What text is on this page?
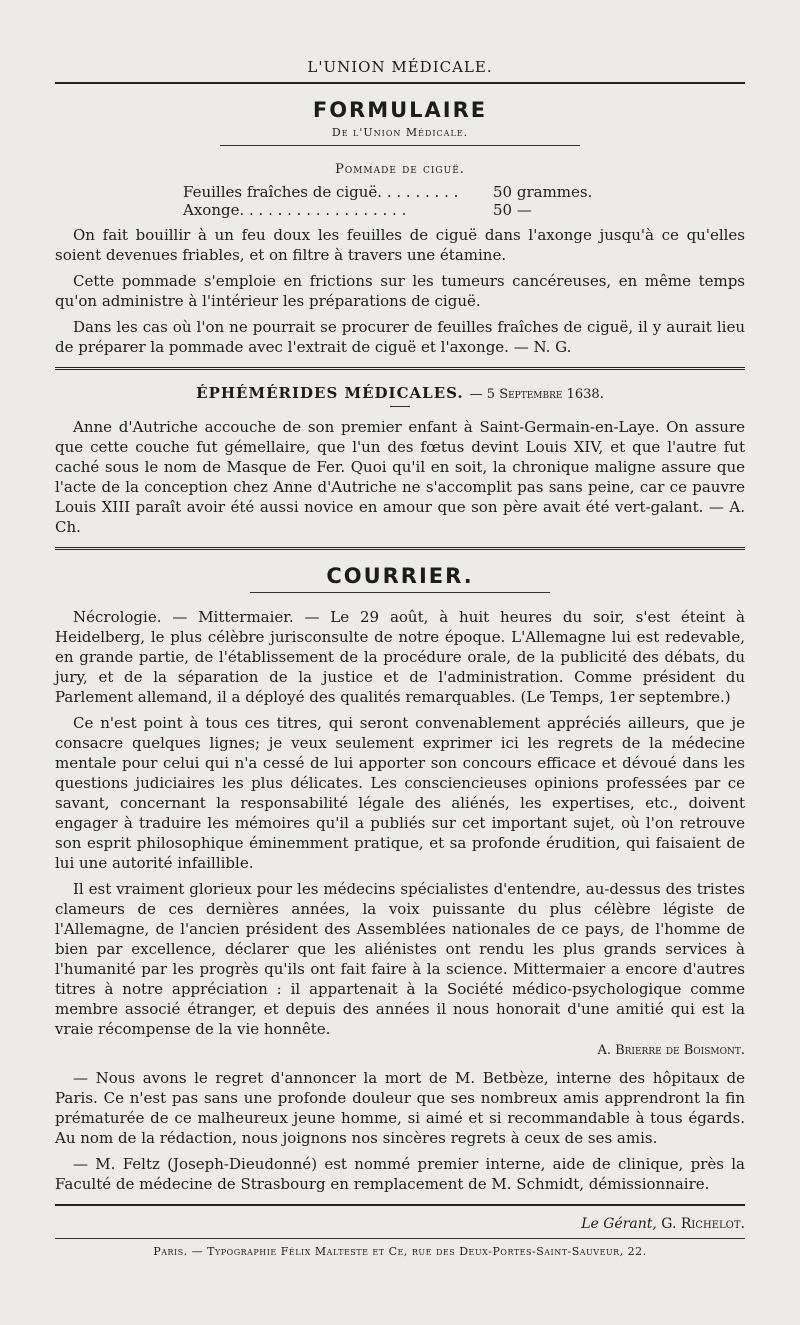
L'UNION MÉDICALE.
FORMULAIRE
De l'Union Médicale.
Pommade de ciguë.
Feuilles fraîches de ciguë. . . . . . . . .	50 grammes.
Axonge. . . . . . . . . . . . . . . . . .	50 —

On fait bouillir à un feu doux les feuilles de ciguë dans l'axonge jusqu'à ce qu'elles soient devenues friables, et on filtre à travers une étamine.

Cette pommade s'emploie en frictions sur les tumeurs cancéreuses, en même temps qu'on administre à l'intérieur les préparations de ciguë.

Dans les cas où l'on ne pourrait se procurer de feuilles fraîches de ciguë, il y aurait lieu de préparer la pommade avec l'extrait de ciguë et l'axonge. — N. G.

ÉPHÉMÉRIDES MÉDICALES. — 5 Septembre 1638.

Anne d'Autriche accouche de son premier enfant à Saint-Germain-en-Laye. On assure que cette couche fut gémellaire, que l'un des fœtus devint Louis XIV, et que l'autre fut caché sous le nom de Masque de Fer. Quoi qu'il en soit, la chronique maligne assure que l'acte de la conception chez Anne d'Autriche ne s'accomplit pas sans peine, car ce pauvre Louis XIII paraît avoir été aussi novice en amour que son père avait été vert-galant. — A. Ch.

COURRIER.

Nécrologie. — Mittermaier. — Le 29 août, à huit heures du soir, s'est éteint à Heidelberg, le plus célèbre jurisconsulte de notre époque. L'Allemagne lui est redevable, en grande partie, de l'établissement de la procédure orale, de la publicité des débats, du jury, et de la séparation de la justice et de l'administration. Comme président du Parlement allemand, il a déployé des qualités remarquables. (Le Temps, 1er septembre.)

Ce n'est point à tous ces titres, qui seront convenablement appréciés ailleurs, que je consacre quelques lignes; je veux seulement exprimer ici les regrets de la médecine mentale pour celui qui n'a cessé de lui apporter son concours efficace et dévoué dans les questions judiciaires les plus délicates. Les consciencieuses opinions professées par ce savant, concernant la responsabilité légale des aliénés, les expertises, etc., doivent engager à traduire les mémoires qu'il a publiés sur cet important sujet, où l'on retrouve son esprit philosophique éminemment pratique, et sa profonde érudition, qui faisaient de lui une autorité infaillible.

Il est vraiment glorieux pour les médecins spécialistes d'entendre, au-dessus des tristes clameurs de ces dernières années, la voix puissante du plus célèbre légiste de l'Allemagne, de l'ancien président des Assemblées nationales de ce pays, de l'homme de bien par excellence, déclarer que les aliénistes ont rendu les plus grands services à l'humanité par les progrès qu'ils ont fait faire à la science. Mittermaier a encore d'autres titres à notre appréciation : il appartenait à la Société médico-psychologique comme membre associé étranger, et depuis des années il nous honorait d'une amitié qui est la vraie récompense de la vie honnête.

A. Brierre de Boismont.

— Nous avons le regret d'annoncer la mort de M. Betbèze, interne des hôpitaux de Paris. Ce n'est pas sans une profonde douleur que ses nombreux amis apprendront la fin prématurée de ce malheureux jeune homme, si aimé et si recommandable à tous égards. Au nom de la rédaction, nous joignons nos sincères regrets à ceux de ses amis.

— M. Feltz (Joseph-Dieudonné) est nommé premier interne, aide de clinique, près la Faculté de médecine de Strasbourg en remplacement de M. Schmidt, démissionnaire.

Le Gérant, G. Richelot.
Paris. — Typographie Félix Malteste et Ce, rue des Deux-Portes-Saint-Sauveur, 22.
